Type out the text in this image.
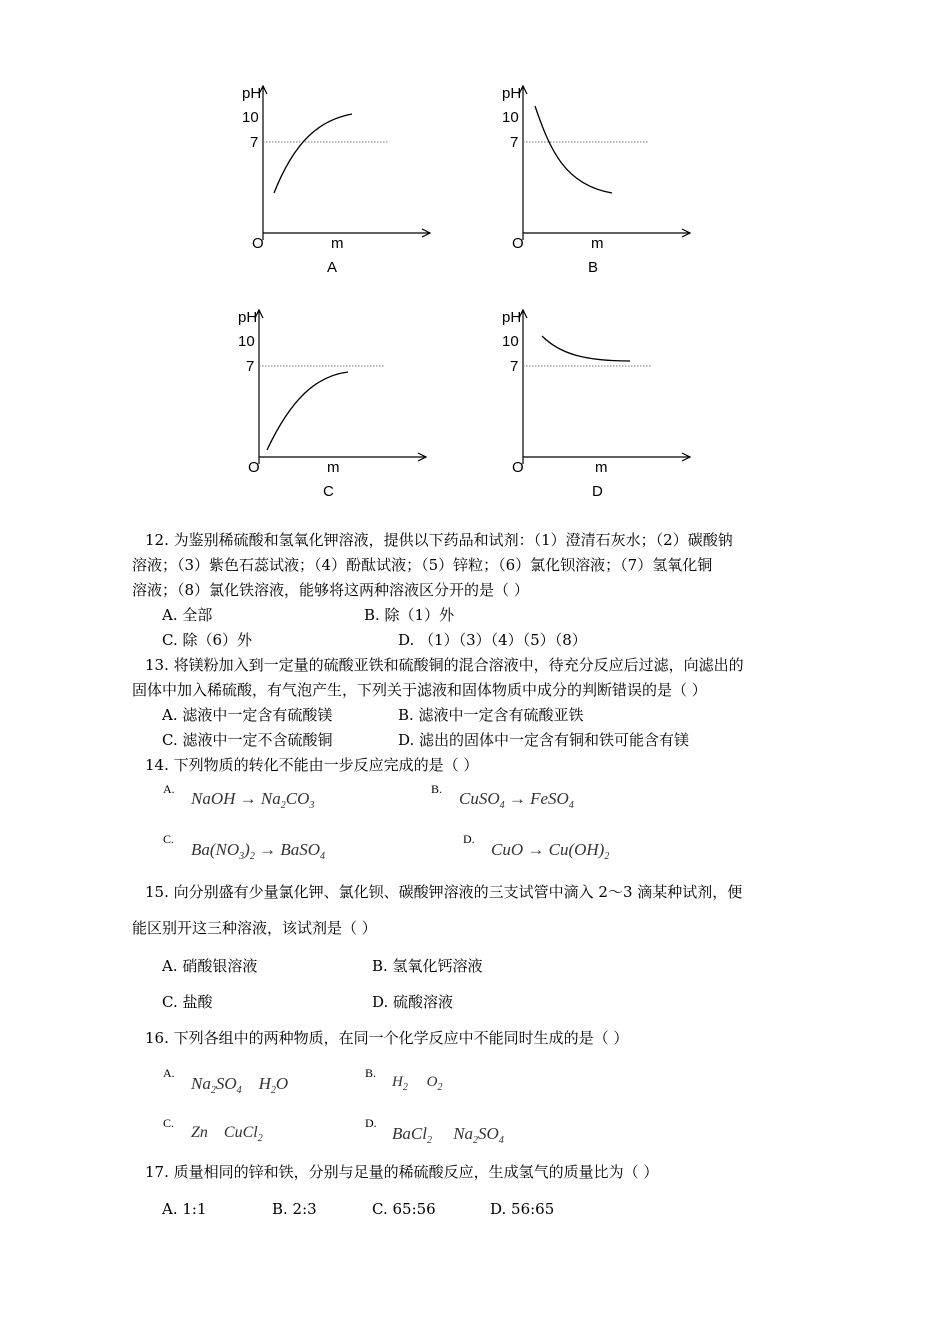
pH
10
7
O	m
A
pH
10
7
O	m
B
pH
10
7
O	m
C
pH
10
7
O	m
D
12. 为鉴别稀硫酸和氢氧化钾溶液，提供以下药品和试剂：（1）澄清石灰水；（2）碳酸钠
溶液；（3）紫色石蕊试液；（4）酚酞试液；（5）锌粒；（6）氯化钡溶液；（7）氢氧化铜
溶液；（8）氯化铁溶液，能够将这两种溶液区分开的是（ ）
A. 全部	B. 除（1）外
C. 除（6）外	D. （1）（3）（4）（5）（8）
13. 将镁粉加入到一定量的硫酸亚铁和硫酸铜的混合溶液中，待充分反应后过滤，向滤出的
固体中加入稀硫酸，有气泡产生，下列关于滤液和固体物质中成分的判断错误的是（ ）
A. 滤液中一定含有硫酸镁	B. 滤液中一定含有硫酸亚铁
C. 滤液中一定不含硫酸铜	D. 滤出的固体中一定含有铜和铁可能含有镁
14. 下列物质的转化不能由一步反应完成的是（ ）
A. NaOH → $Na_2CO_3$
B. CuSO$_4$ → FeSO$_4$
C.
$Ba(NO_3)_2$ → BaSO$_4$
D.
CuO → $Cu(OH)_2$
15. 向分别盛有少量氯化钾、氯化钡、碳酸钾溶液的三支试管中滴入 2～3 滴某种试剂，便
能区别开这三种溶液，该试剂是（ ）
A. 硝酸银溶液	B. 氢氧化钙溶液
C. 盐酸	D. 硫酸溶液
16. 下列各组中的两种物质，在同一个化学反应中不能同时生成的是（ ）
A.
$Na_2SO_4$    $H_2O$
B.
$H_2$     $O_2$
C.
Zn    CuCl$_2$
D.
BaCl$_2$     $Na_2SO_4$
17. 质量相同的锌和铁，分别与足量的稀硫酸反应，生成氢气的质量比为（ ）
A. 1:1	B. 2:3	C. 65:56	D. 56:65
